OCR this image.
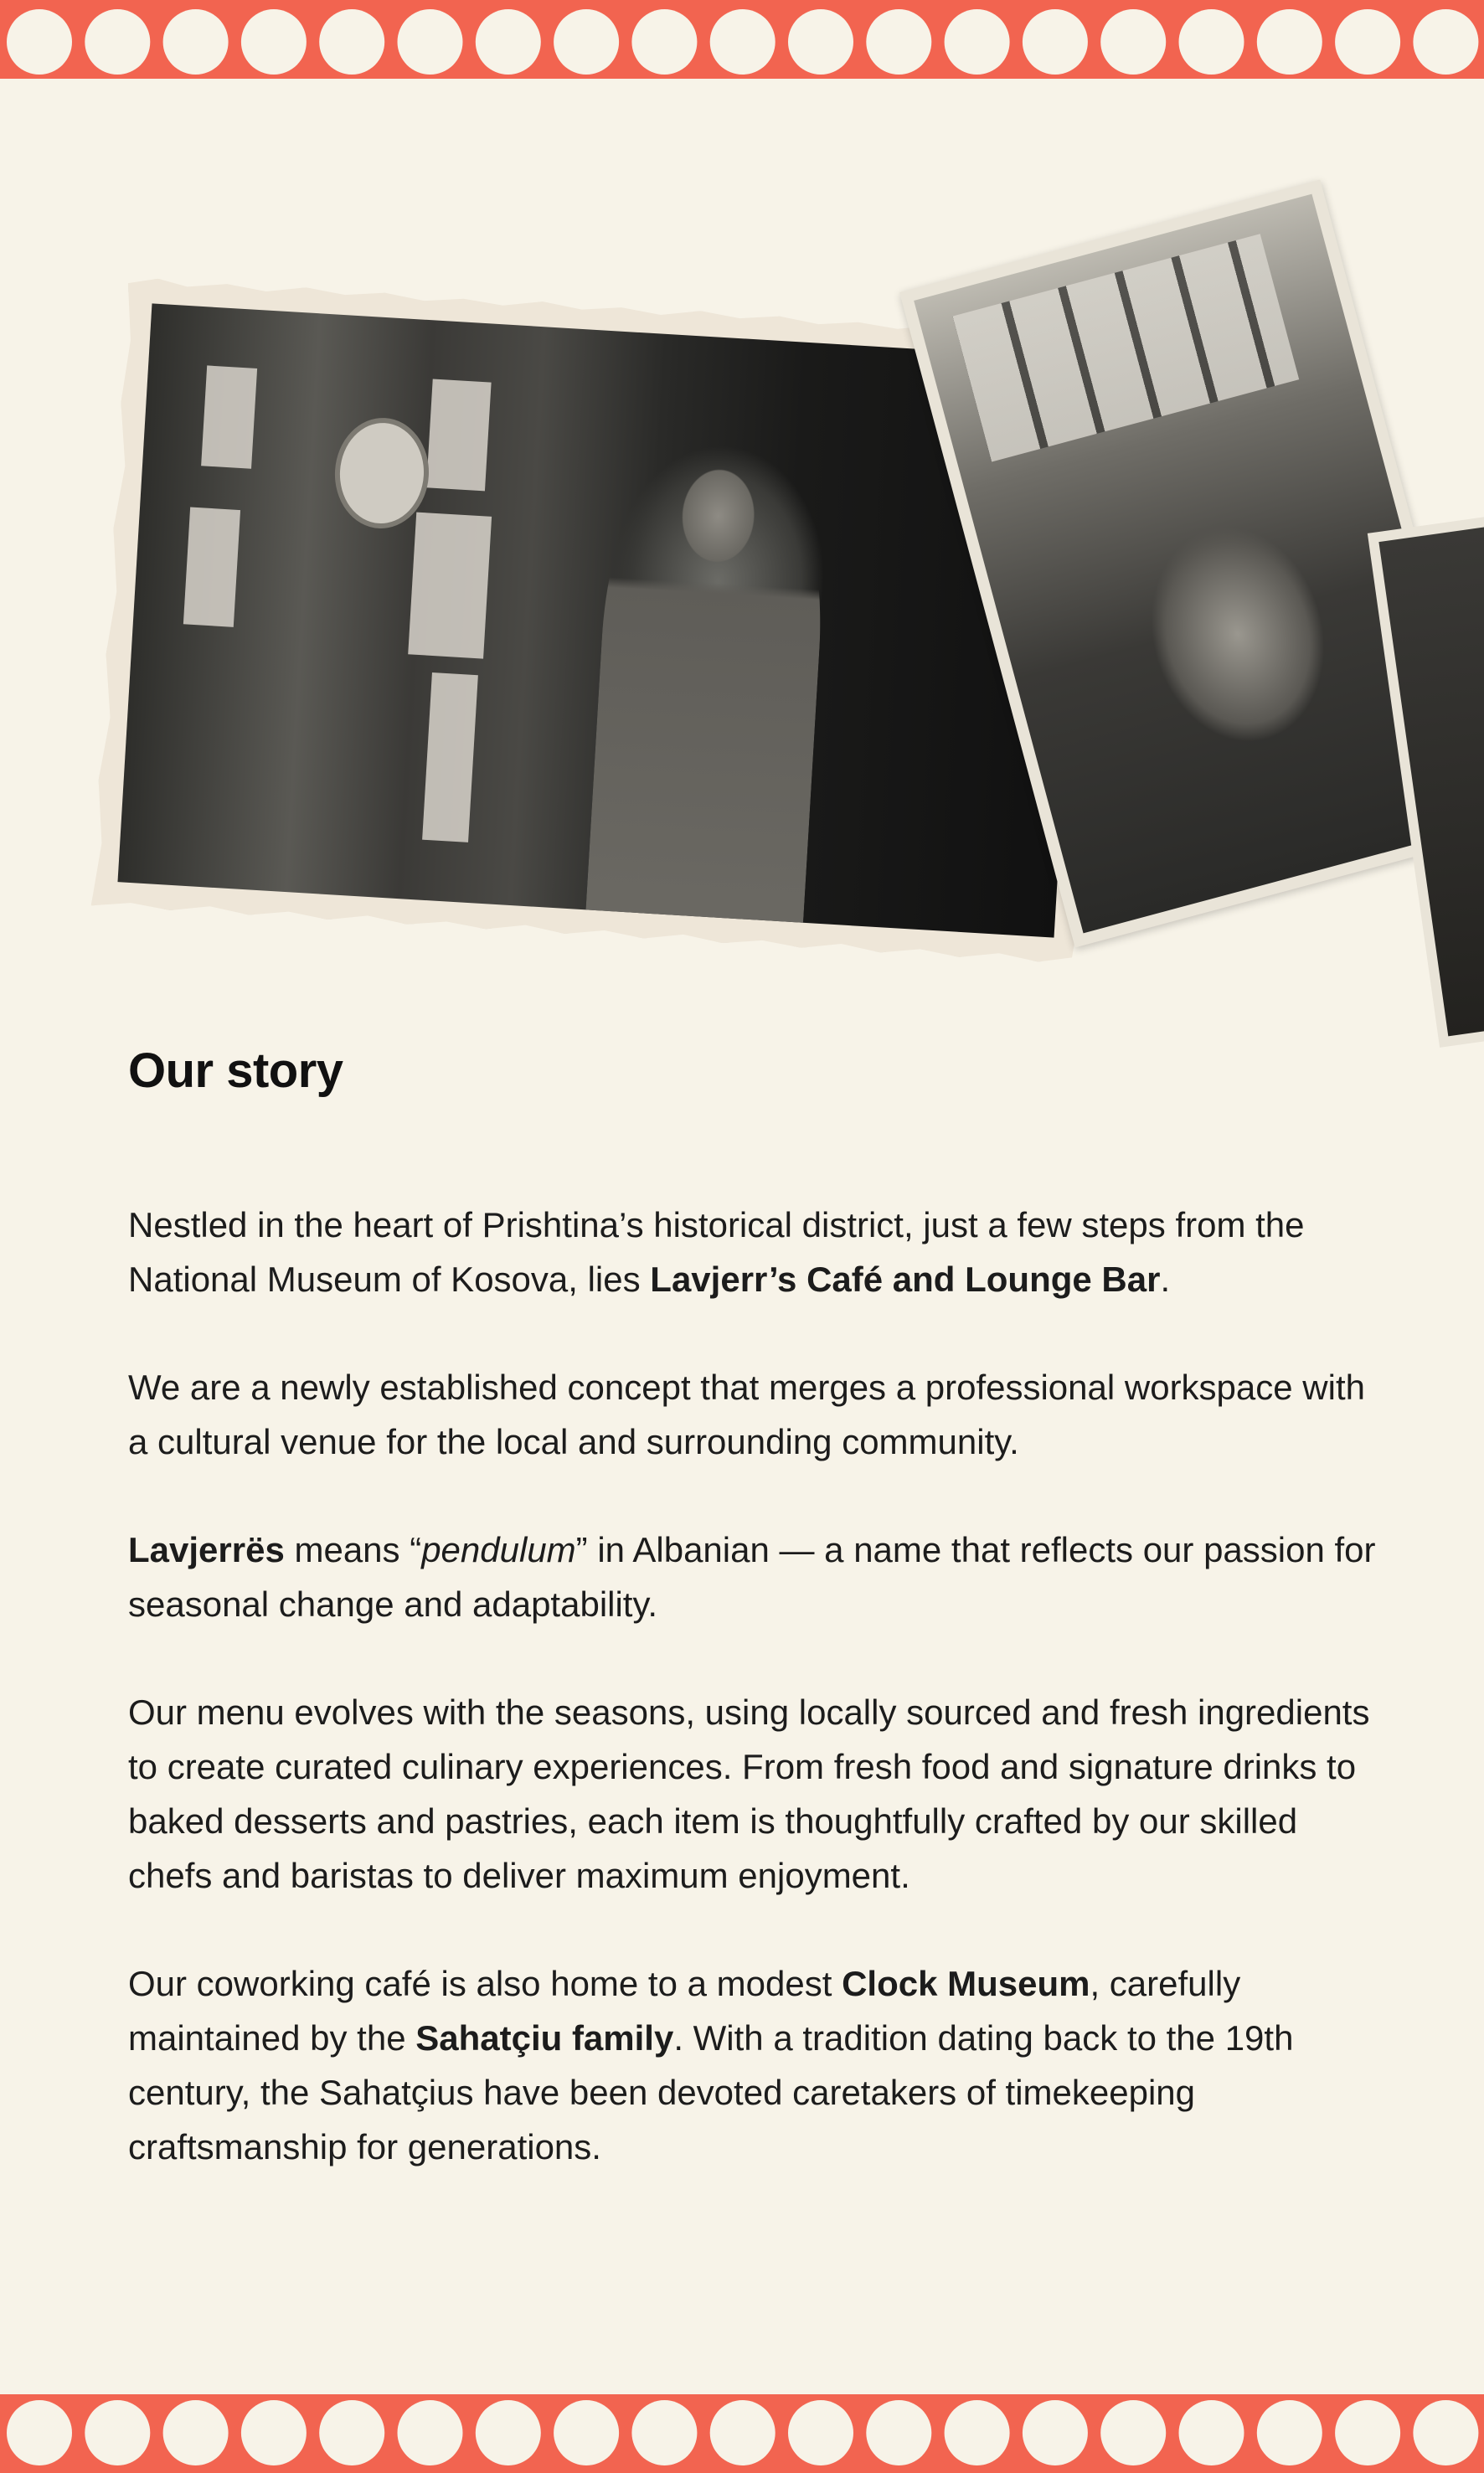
Our story

Nestled in the heart of Prishtina’s historical district, just a few steps from the National Museum of Kosova, lies Lavjerr’s Café and Lounge Bar.

We are a newly established concept that merges a professional workspace with a cultural venue for the local and surrounding community.

Lavjerrës means “pendulum” in Albanian — a name that reflects our passion for seasonal change and adaptability.

Our menu evolves with the seasons, using locally sourced and fresh ingredients to create curated culinary experiences. From fresh food and signature drinks to baked desserts and pastries, each item is thoughtfully crafted by our skilled chefs and baristas to deliver maximum enjoyment.

Our coworking café is also home to a modest Clock Museum, carefully maintained by the Sahatçiu family. With a tradition dating back to the 19th century, the Sahatçius have been devoted caretakers of timekeeping craftsmanship for generations.
